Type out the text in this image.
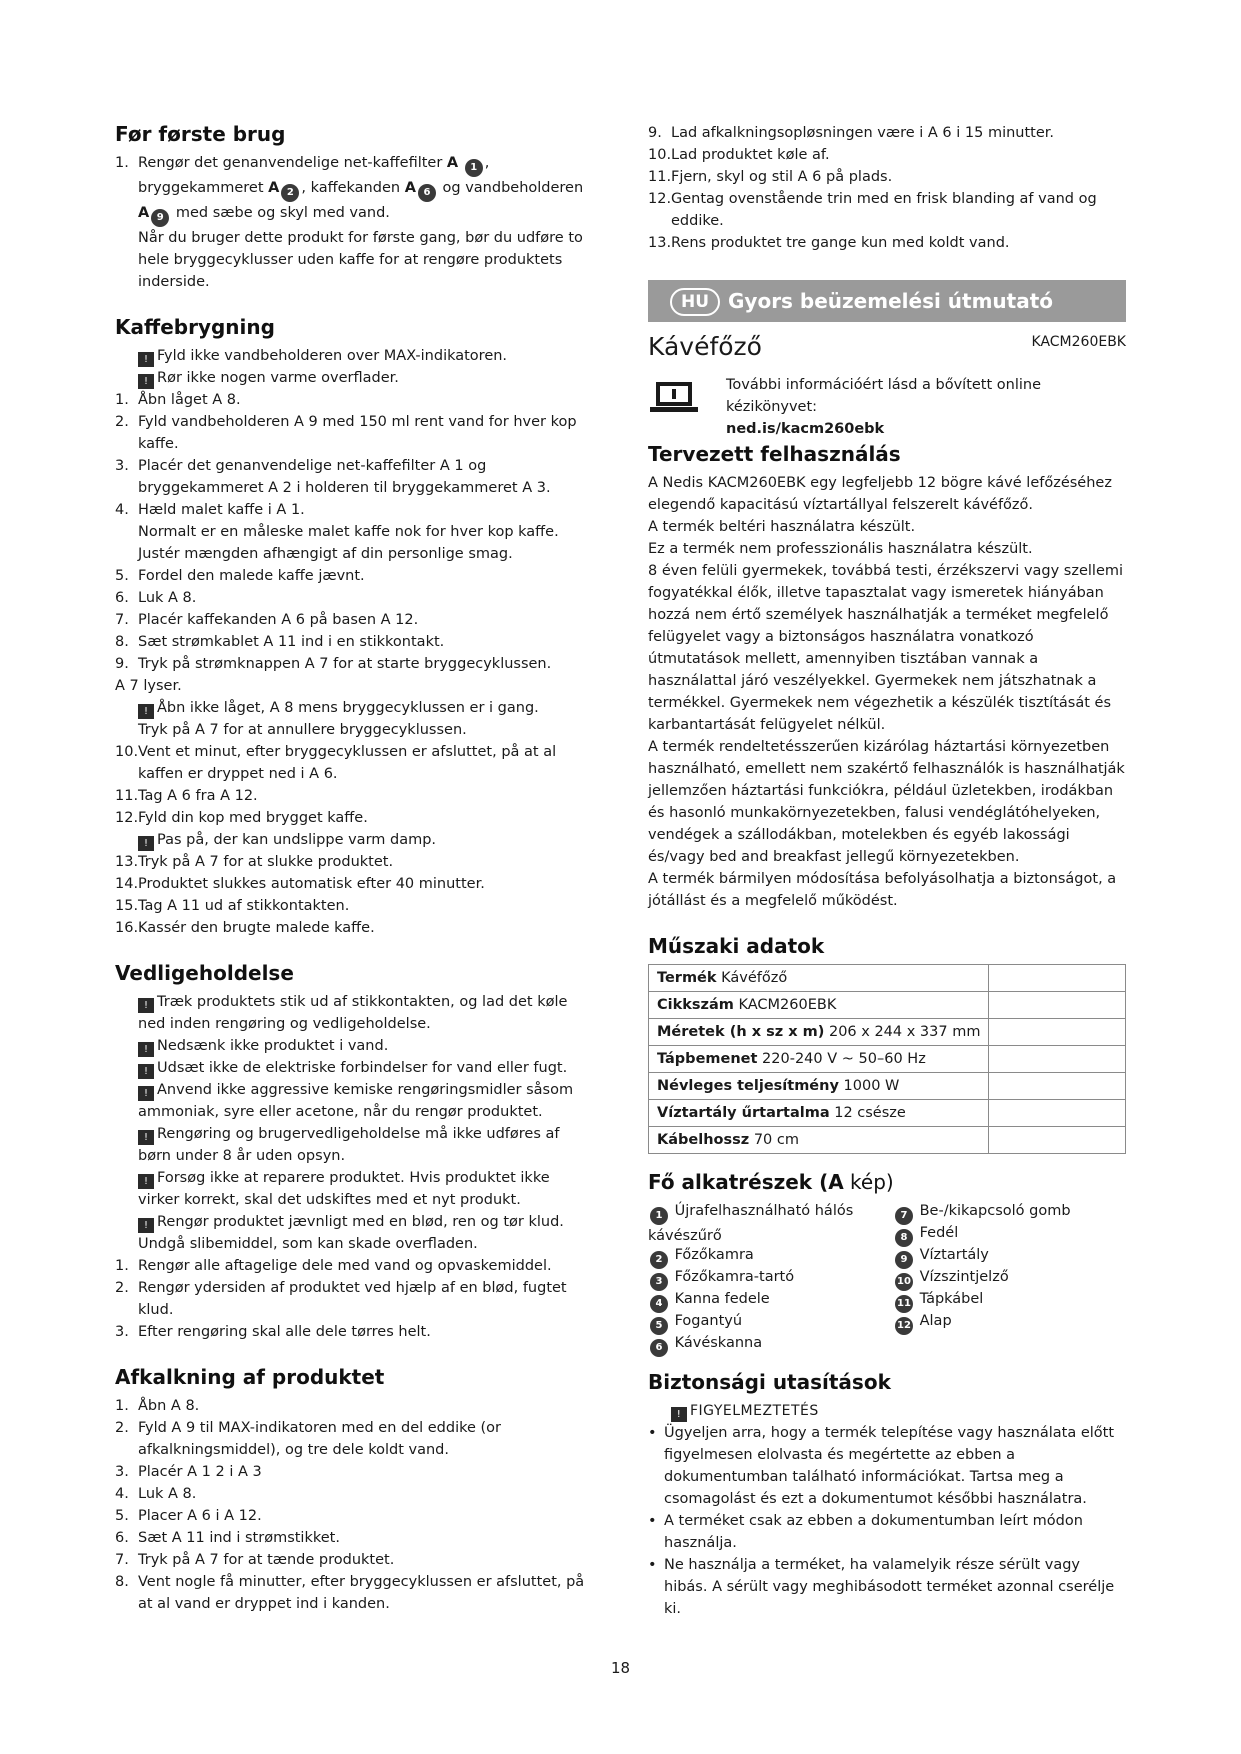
Før første brug
1. Rengør det genanvendelige net-kaffefilter A 1 , bryggekammeret A 2 , kaffekanden A 6 og vandbeholderen A 9 med sæbe og skyl med vand.
Når du bruger dette produkt for første gang, bør du udføre to hele bryggecyklusser uden kaffe for at rengøre produktets inderside.
Kaffebrygning
! Fyld ikke vandbeholderen over MAX-indikatoren.
! Rør ikke nogen varme overflader.
1. Åbn låget A 8.
2. Fyld vandbeholderen A 9 med 150 ml rent vand for hver kop kaffe.
3. Placér det genanvendelige net-kaffefilter A 1 og bryggekammeret A 2 i holderen til bryggekammeret A 3.
4. Hæld malet kaffe i A 1.
Normalt er en måleske malet kaffe nok for hver kop kaffe. Justér mængden afhængigt af din personlige smag.
5. Fordel den malede kaffe jævnt.
6. Luk A 8.
7. Placér kaffekanden A 6 på basen A 12.
8. Sæt strømkablet A 11 ind i en stikkontakt.
9. Tryk på strømknappen A 7 for at starte bryggecyklussen.
A 7 lyser.
! Åbn ikke låget, A 8 mens bryggecyklussen er i gang.
Tryk på A 7 for at annullere bryggecyklussen.
10. Vent et minut, efter bryggecyklussen er afsluttet, på at al kaffen er dryppet ned i A 6.
11. Tag A 6 fra A 12.
12. Fyld din kop med brygget kaffe.
! Pas på, der kan undslippe varm damp.
13. Tryk på A 7 for at slukke produktet.
14. Produktet slukkes automatisk efter 40 minutter.
15. Tag A 11 ud af stikkontakten.
16. Kassér den brugte malede kaffe.
Vedligeholdelse
! Træk produktets stik ud af stikkontakten, og lad det køle ned inden rengøring og vedligeholdelse.
! Nedsænk ikke produktet i vand.
! Udsæt ikke de elektriske forbindelser for vand eller fugt.
! Anvend ikke aggressive kemiske rengøringsmidler såsom ammoniak, syre eller acetone, når du rengør produktet.
! Rengøring og brugervedligeholdelse må ikke udføres af børn under 8 år uden opsyn.
! Forsøg ikke at reparere produktet. Hvis produktet ikke virker korrekt, skal det udskiftes med et nyt produkt.
! Rengør produktet jævnligt med en blød, ren og tør klud. Undgå slibemiddel, som kan skade overfladen.
1. Rengør alle aftagelige dele med vand og opvaskemiddel.
2. Rengør ydersiden af produktet ved hjælp af en blød, fugtet klud.
3. Efter rengøring skal alle dele tørres helt.
Afkalkning af produktet
1. Åbn A 8.
2. Fyld A 9 til MAX-indikatoren med en del eddike (or afkalkningsmiddel), og tre dele koldt vand.
3. Placér A 1 2 i A 3
4. Luk A 8.
5. Placer A 6 i A 12.
6. Sæt A 11 ind i strømstikket.
7. Tryk på A 7 for at tænde produktet.
8. Vent nogle få minutter, efter bryggecyklussen er afsluttet, på at al vand er dryppet ind i kanden.
9. Lad afkalkningsopløsningen være i A 6 i 15 minutter.
10. Lad produktet køle af.
11. Fjern, skyl og stil A 6 på plads.
12. Gentag ovenstående trin med en frisk blanding af vand og eddike.
13. Rens produktet tre gange kun med koldt vand.
HU Gyors beüzemelési útmutató
Kávéfőző	KACM260EBK
További információért lásd a bővített online kézikönyvet:
ned.is/kacm260ebk
Tervezett felhasználás

A Nedis KACM260EBK egy legfeljebb 12 bögre kávé lefőzéséhez elegendő kapacitású víztartállyal felszerelt kávéfőző.

A termék beltéri használatra készült.

Ez a termék nem professzionális használatra készült.

8 éven felüli gyermekek, továbbá testi, érzékszervi vagy szellemi fogyatékkal élők, illetve tapasztalat vagy ismeretek hiányában hozzá nem értő személyek használhatják a terméket megfelelő felügyelet vagy a biztonságos használatra vonatkozó útmutatások mellett, amennyiben tisztában vannak a használattal járó veszélyekkel. Gyermekek nem játszhatnak a termékkel. Gyermekek nem végezhetik a készülék tisztítását és karbantartását felügyelet nélkül.

A termék rendeltetésszerűen kizárólag háztartási környezetben használható, emellett nem szakértő felhasználók is használhatják jellemzően háztartási funkciókra, például üzletekben, irodákban és hasonló munkakörnyezetekben, falusi vendéglátóhelyeken, vendégek a szállodákban, motelekben és egyéb lakossági és/vagy bed and breakfast jellegű környezetekben.

A termék bármilyen módosítása befolyásolhatja a biztonságot, a jótállást és a megfelelő működést.

Műszaki adatok
Termék Kávéfőző	
Cikkszám KACM260EBK	
Méretek (h x sz x m) 206 x 244 x 337 mm	
Tápbemenet 220-240 V ~ 50–60 Hz	
Névleges teljesítmény 1000 W	
Víztartály űrtartalma 12 csésze	
Kábelhossz 70 cm	
Fő alkatrészek (A kép)
1 Újrafelhasználható hálós kávészűrő
2 Főzőkamra
3 Főzőkamra-tartó
4 Kanna fedele
5 Fogantyú
6 Kávéskanna
7 Be-/kikapcsoló gomb
8 Fedél
9 Víztartály
10 Vízszintjelző
11 Tápkábel
12 Alap
Biztonsági utasítások
! FIGYELMEZTETÉS
• Ügyeljen arra, hogy a termék telepítése vagy használata előtt figyelmesen elolvasta és megértette az ebben a dokumentumban található információkat. Tartsa meg a csomagolást és ezt a dokumentumot későbbi használatra.
• A terméket csak az ebben a dokumentumban leírt módon használja.
• Ne használja a terméket, ha valamelyik része sérült vagy hibás. A sérült vagy meghibásodott terméket azonnal cserélje ki.
18
